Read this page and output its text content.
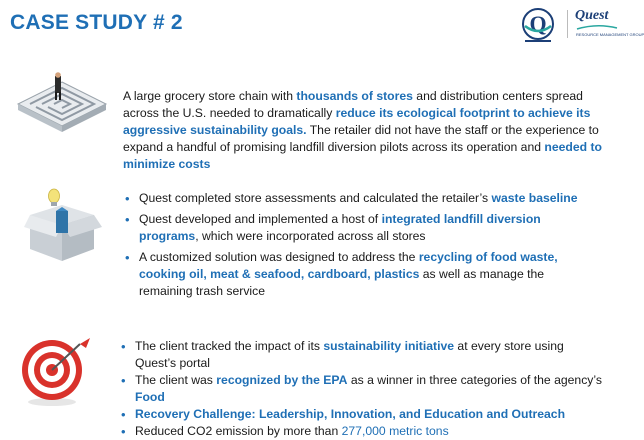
CASE STUDY # 2	Q Quest
RESOURCE MANAGEMENT GROUP

A large grocery store chain with thousands of stores and distribution centers spread across the U.S. needed to dramatically reduce its ecological footprint to achieve its aggressive sustainability goals. The retailer did not have the staff or the experience to expand a handful of promising landfill diversion pilots across its operation and needed to minimize costs

• Quest completed store assessments and calculated the retailer’s waste baseline
• Quest developed and implemented a host of integrated landfill diversion programs, which were incorporated across all stores
• A customized solution was designed to address the recycling of food waste, cooking oil, meat & seafood, cardboard, plastics as well as manage the remaining trash service
• The client tracked the impact of its sustainability initiative at every store using Quest’s portal
• The client was recognized by the EPA as a winner in three categories of the agency’s Food
• Recovery Challenge: Leadership, Innovation, and Education and Outreach
• Reduced CO2 emission by more than 277,000 metric tons
